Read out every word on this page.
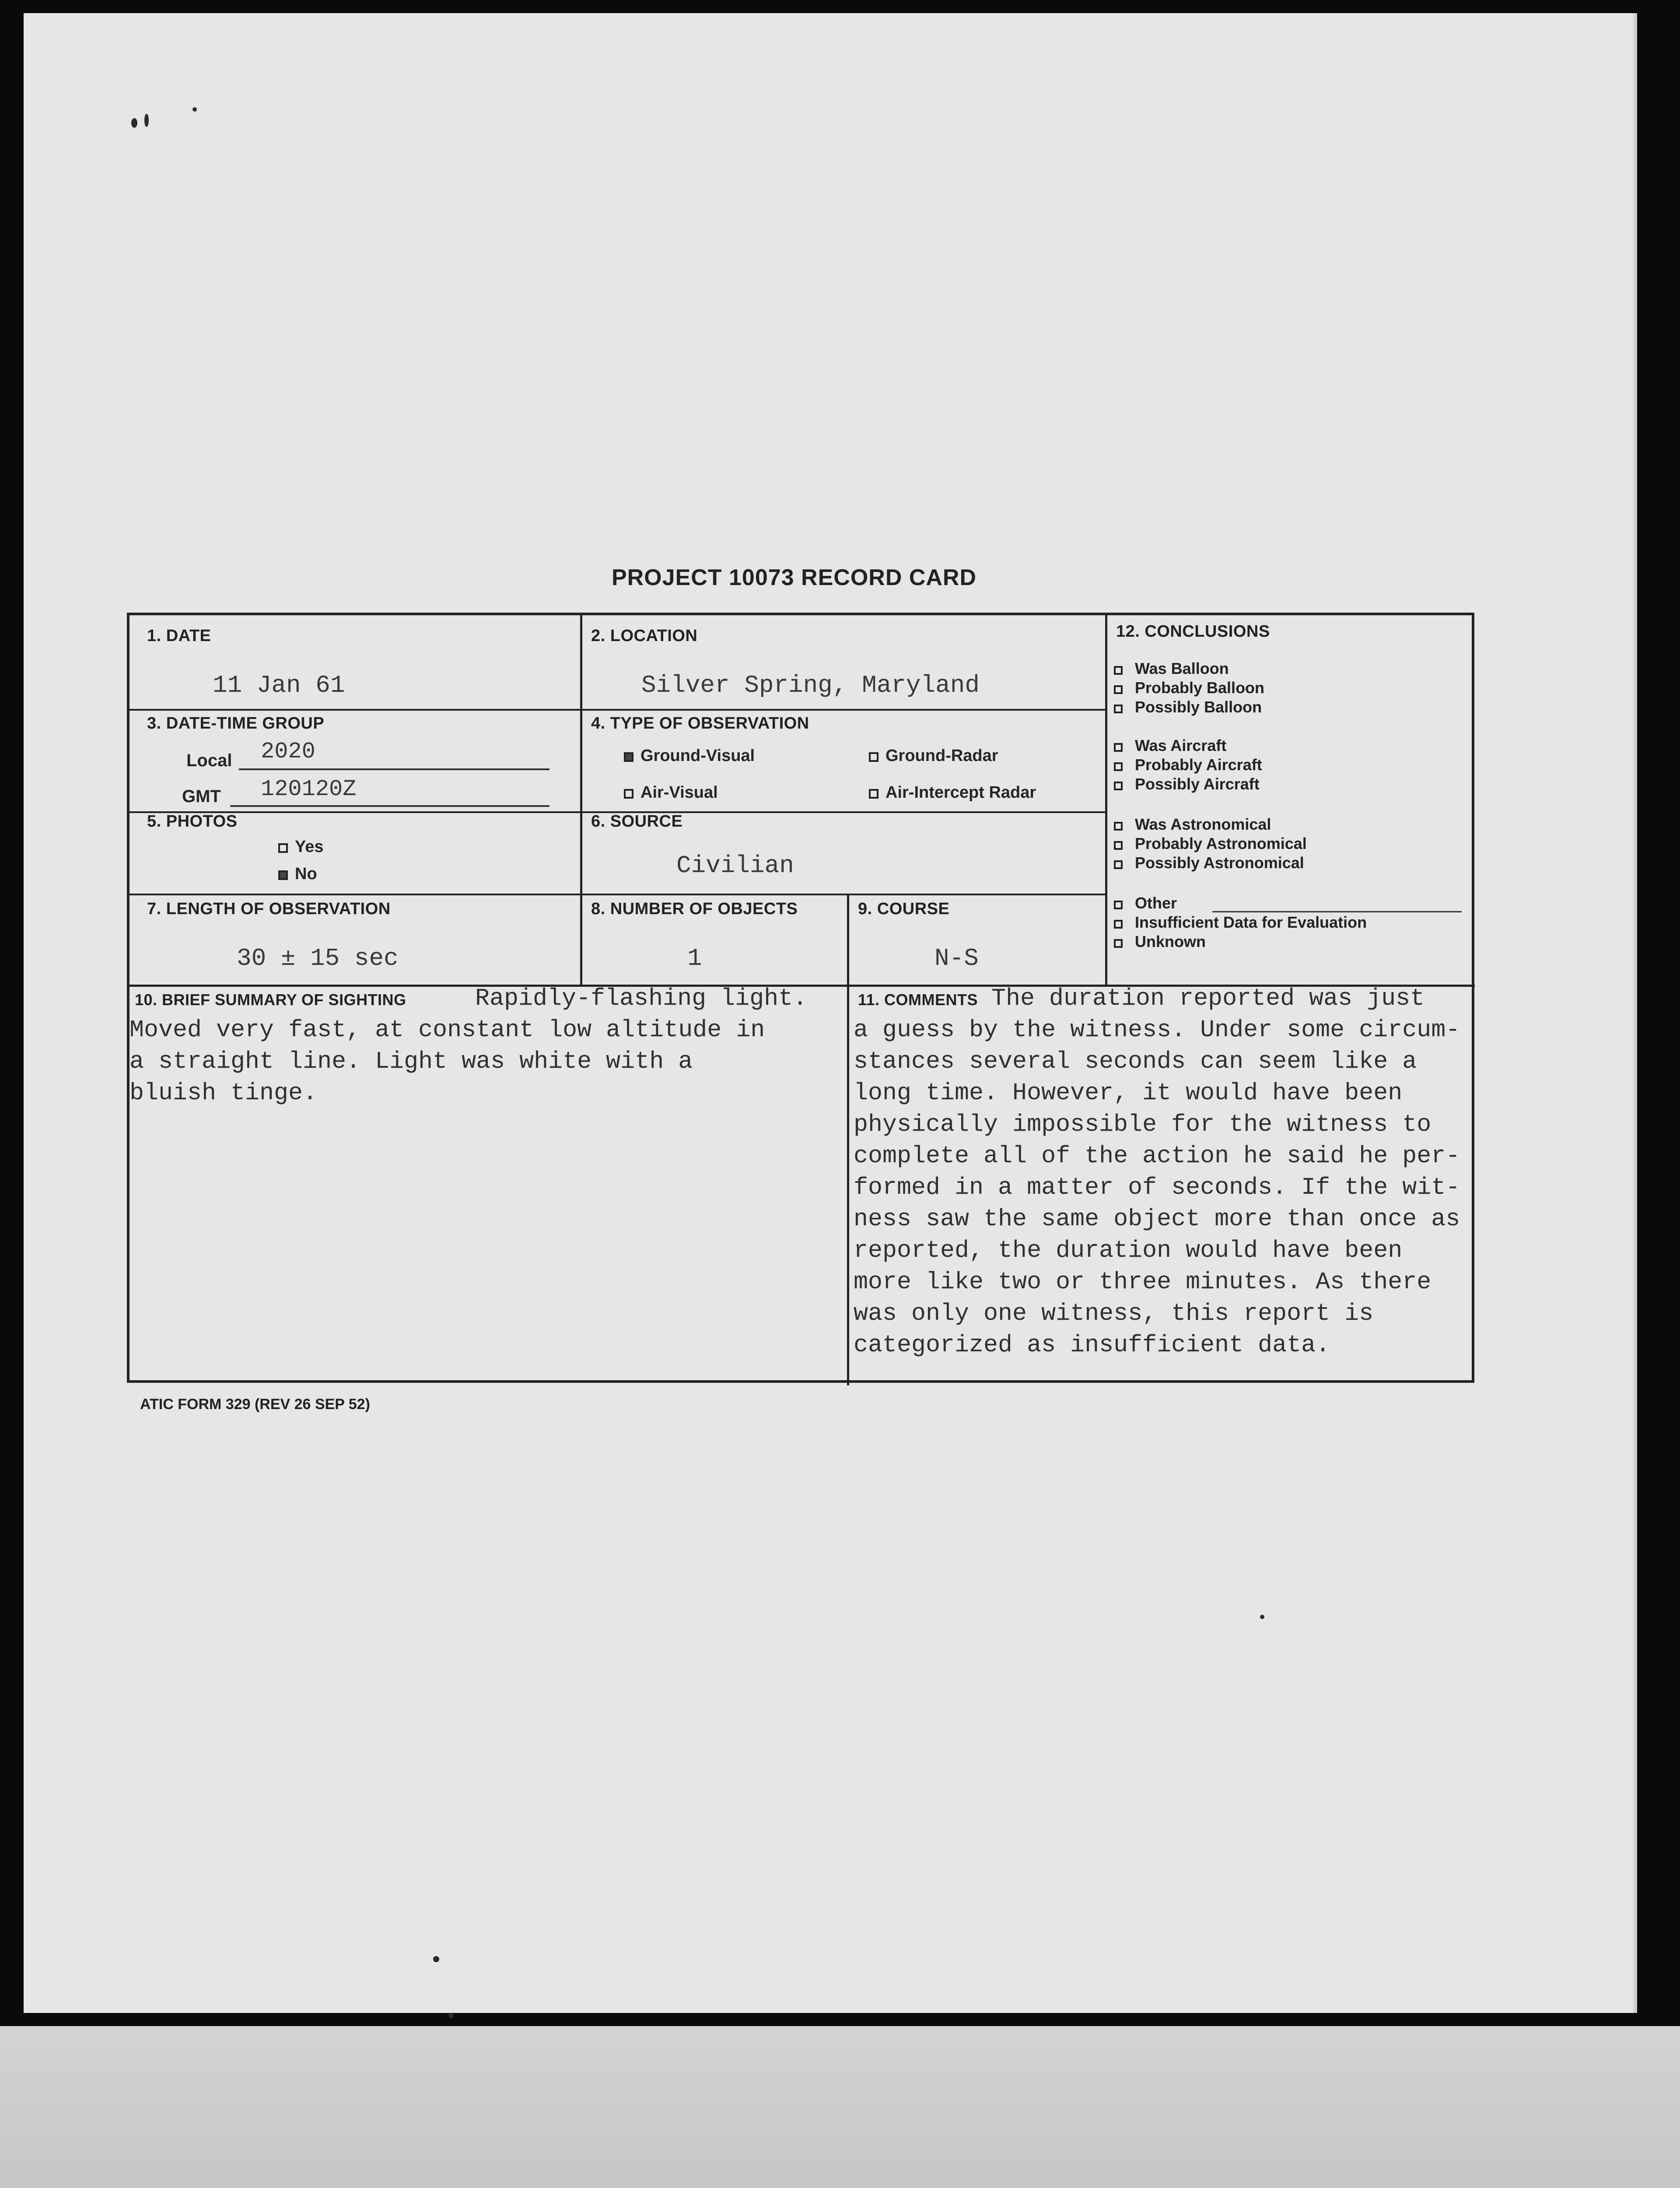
PROJECT 10073 RECORD CARD
1. DATE
11 Jan 61
2. LOCATION
Silver Spring, Maryland
3. DATE-TIME GROUP
Local 2020
GMT 120120Z
4. TYPE OF OBSERVATION
Ground-Visual	Ground-Radar
Air-Visual	Air-Intercept Radar
5. PHOTOS
Yes
No
6. SOURCE
Civilian
7. LENGTH OF OBSERVATION
30 ± 15 sec
8. NUMBER OF OBJECTS
1
9. COURSE
N-S
12. CONCLUSIONS
Was Balloon
Probably Balloon
Possibly Balloon
Was Aircraft
Probably Aircraft
Possibly Aircraft
Was Astronomical
Probably Astronomical
Possibly Astronomical
Other
Insufficient Data for Evaluation
Unknown
10. BRIEF SUMMARY OF SIGHTING	Rapidly-flashing light.
Moved very fast, at constant low altitude in
a straight line. Light was white with a
bluish tinge.
11. COMMENTS The duration reported was just
a guess by the witness. Under some circum-
stances several seconds can seem like a
long time. However, it would have been
physically impossible for the witness to
complete all of the action he said he per-
formed in a matter of seconds. If the wit-
ness saw the same object more than once as
reported, the duration would have been
more like two or three minutes. As there
was only one witness, this report is
categorized as insufficient data.
ATIC FORM 329 (REV 26 SEP 52)
